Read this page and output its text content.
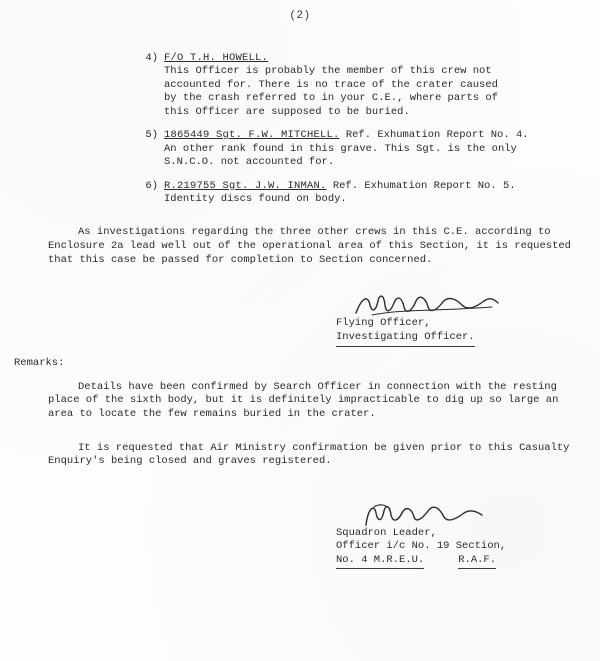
(2)
4) F/O T.H. HOWELL.
This Officer is probably the member of this crew not
accounted for. There is no trace of the crater caused
by the crash referred to in your C.E., where parts of
this Officer are supposed to be buried.
5) 1865449 Sgt. F.W. MITCHELL. Ref. Exhumation Report No. 4.
An other rank found in this grave. This Sgt. is the only
S.N.C.O. not accounted for.
6) R.219755 Sgt. J.W. INMAN. Ref. Exhumation Report No. 5.
Identity discs found on body.

As investigations regarding the three other crews in this C.E. according to Enclosure 2a lead well out of the operational area of this Section, it is requested that this case be passed for completion to Section concerned.

Flying Officer,
Investigating Officer.
Remarks:

Details have been confirmed by Search Officer in connection with the resting place of the sixth body, but it is definitely impracticable to dig up so large an area to locate the few remains buried in the crater.

It is requested that Air Ministry confirmation be given prior to this Casualty Enquiry's being closed and graves registered.

Squadron Leader,
Officer i/c No. 19 Section,
No. 4 M.R.E.U.	R.A.F.
